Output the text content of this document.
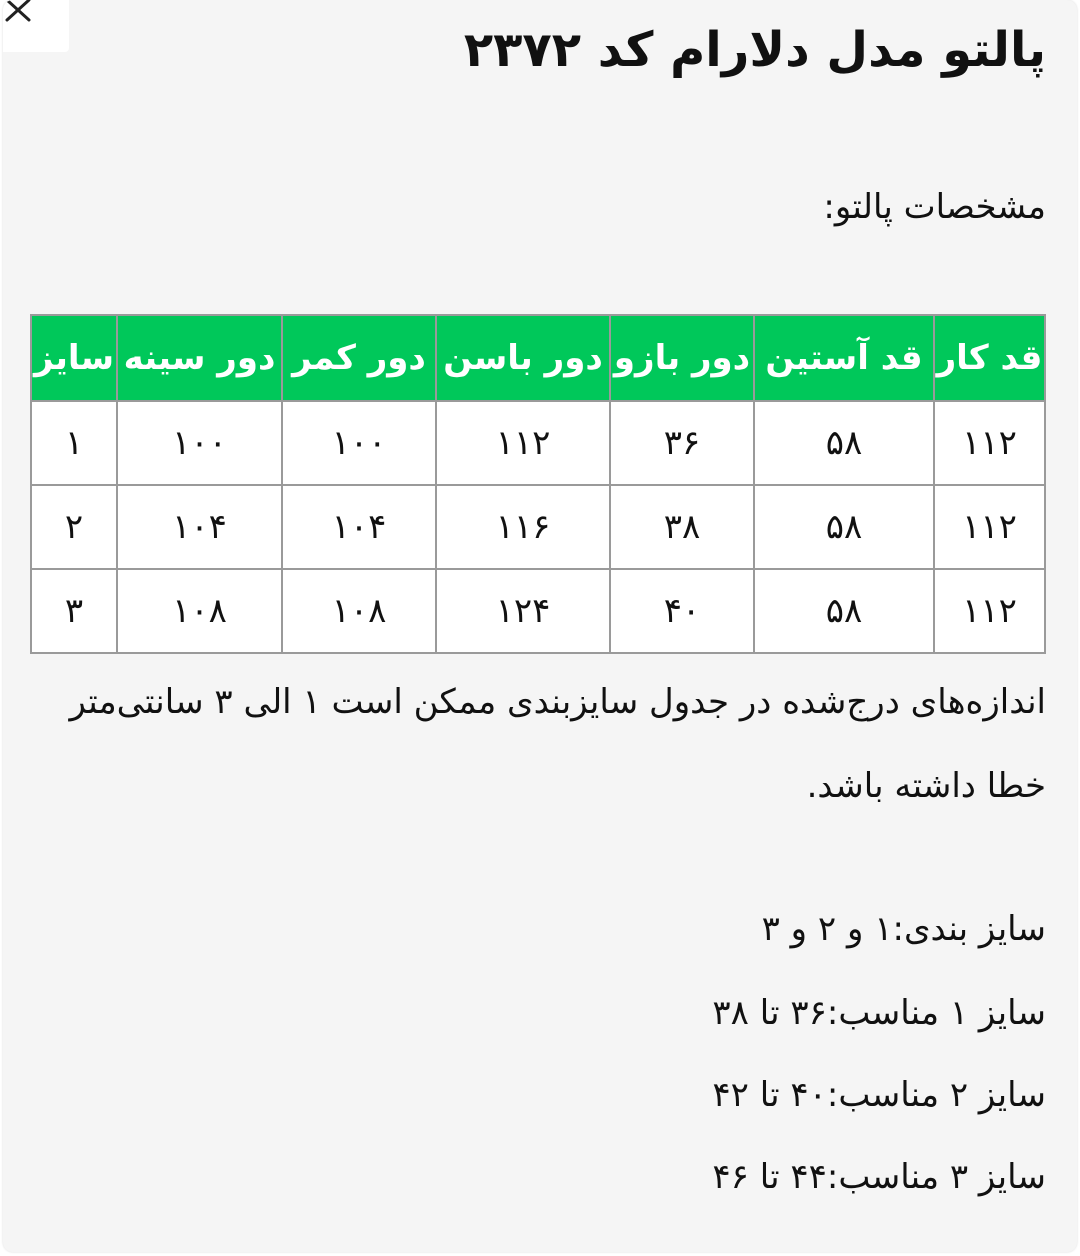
پالتو مدل دلارام کد ۲۳۷۲

مشخصات پالتو:

قد کار	قد آستین	دور بازو	دور باسن	دور کمر	دور سینه	سایز
۱۱۲	۵۸	۳۶	۱۱۲	۱۰۰	۱۰۰	۱
۱۱۲	۵۸	۳۸	۱۱۶	۱۰۴	۱۰۴	۲
۱۱۲	۵۸	۴۰	۱۲۴	۱۰۸	۱۰۸	۳

اندازه‌های درج‌شده در جدول سایزبندی ممکن است ۱ الی ۳ سانتی‌متر خطا داشته باشد.

سایز بندی:۱ و ۲ و ۳

سایز ۱ مناسب:۳۶ تا ۳۸

سایز ۲ مناسب:۴۰ تا ۴۲

سایز ۳ مناسب:۴۴ تا ۴۶
